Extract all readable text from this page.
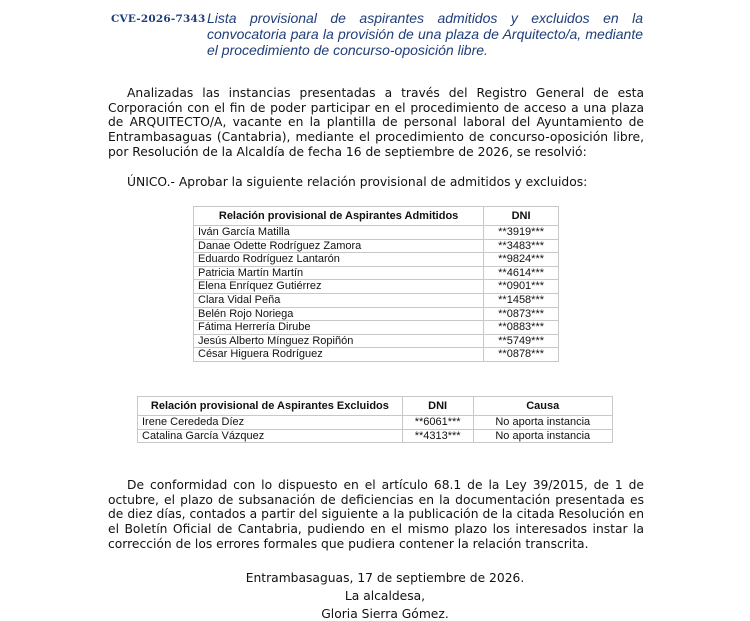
CVE-2026-7343 Lista provisional de aspirantes admitidos y excluidos en la convocatoria para la provisión de una plaza de Arquitecto/a, mediante el procedimiento de concurso-oposición libre.
Analizadas las instancias presentadas a través del Registro General de esta Corporación con el fin de poder participar en el procedimiento de acceso a una plaza de ARQUITECTO/A, vacante en la plantilla de personal laboral del Ayuntamiento de Entrambasaguas (Cantabria), mediante el procedimiento de concurso-oposición libre, por Resolución de la Alcaldía de fecha 16 de septiembre de 2026, se resolvió:
ÚNICO.- Aprobar la siguiente relación provisional de admitidos y excluidos:
Relación provisional de Aspirantes Admitidos	DNI
Iván García Matilla	**3919***
Danae Odette Rodríguez Zamora	**3483***
Eduardo Rodríguez Lantarón	**9824***
Patricia Martín Martín	**4614***
Elena Enríquez Gutiérrez	**0901***
Clara Vidal Peña	**1458***
Belén Rojo Noriega	**0873***
Fátima Herrería Dirube	**0883***
Jesús Alberto Mínguez Ropiñón	**5749***
César Higuera Rodríguez	**0878***
Relación provisional de Aspirantes Excluidos	DNI	Causa
Irene Cerededa Díez	**6061***	No aporta instancia
Catalina García Vázquez	**4313***	No aporta instancia
De conformidad con lo dispuesto en el artículo 68.1 de la Ley 39/2015, de 1 de octubre, el plazo de subsanación de deficiencias en la documentación presentada es de diez días, contados a partir del siguiente a la publicación de la citada Resolución en el Boletín Oficial de Cantabria, pudiendo en el mismo plazo los interesados instar la corrección de los errores formales que pudiera contener la relación transcrita.
Entrambasaguas, 17 de septiembre de 2026.
La alcaldesa,
Gloria Sierra Gómez.
